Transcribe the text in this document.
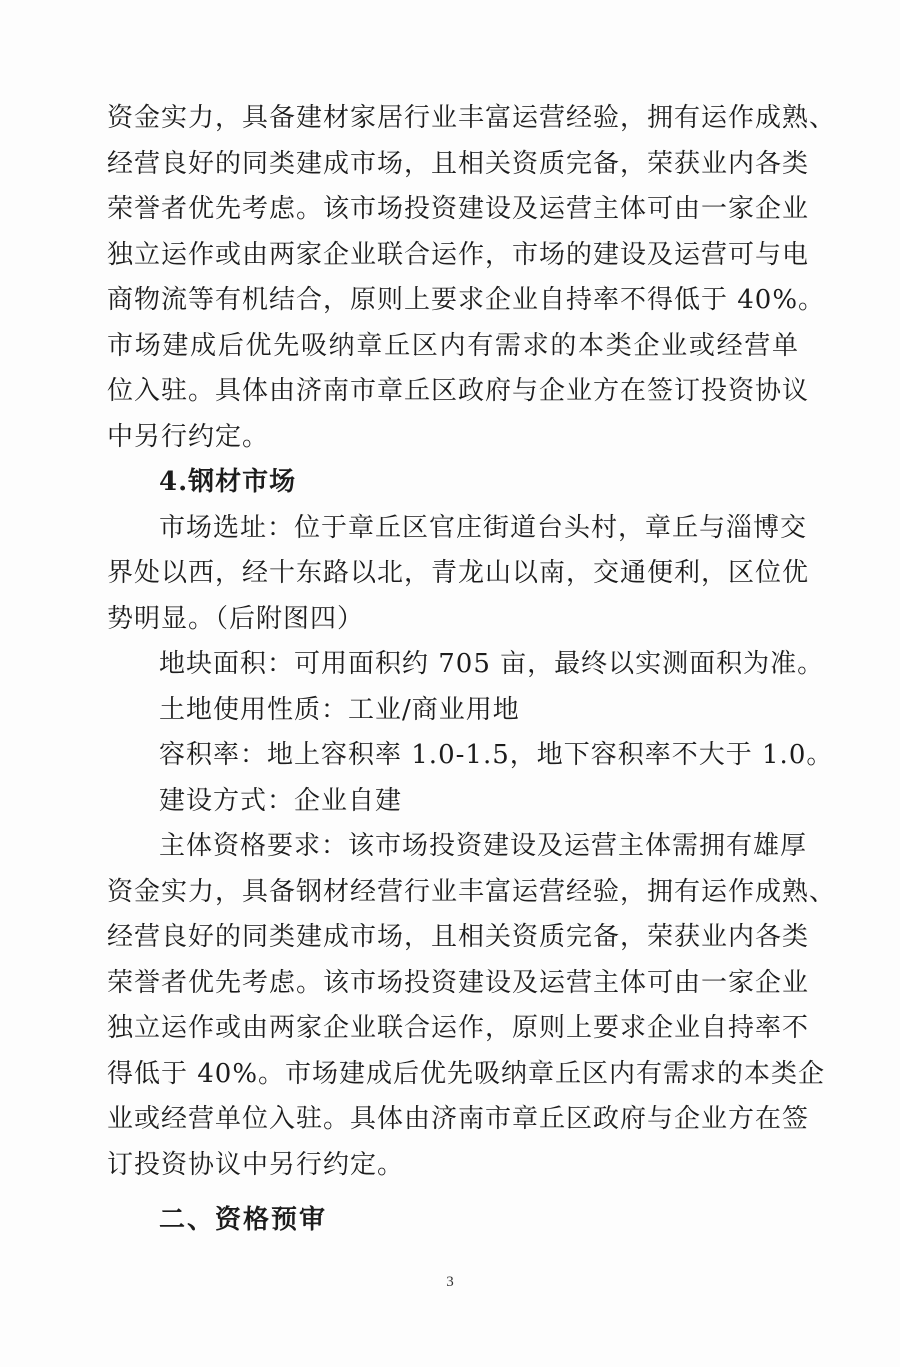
资金实力，具备建材家居行业丰富运营经验，拥有运作成熟、
经营良好的同类建成市场，且相关资质完备，荣获业内各类
荣誉者优先考虑。该市场投资建设及运营主体可由一家企业
独立运作或由两家企业联合运作，市场的建设及运营可与电
商物流等有机结合，原则上要求企业自持率不得低于 40%。
市场建成后优先吸纳章丘区内有需求的本类企业或经营单
位入驻。具体由济南市章丘区政府与企业方在签订投资协议
中另行约定。
4.钢材市场
市场选址：位于章丘区官庄街道台头村，章丘与淄博交
界处以西，经十东路以北，青龙山以南，交通便利，区位优
势明显。（后附图四）
地块面积：可用面积约 705 亩，最终以实测面积为准。
土地使用性质：工业/商业用地
容积率：地上容积率 1.0-1.5，地下容积率不大于 1.0。
建设方式：企业自建
主体资格要求：该市场投资建设及运营主体需拥有雄厚
资金实力，具备钢材经营行业丰富运营经验，拥有运作成熟、
经营良好的同类建成市场，且相关资质完备，荣获业内各类
荣誉者优先考虑。该市场投资建设及运营主体可由一家企业
独立运作或由两家企业联合运作，原则上要求企业自持率不
得低于 40%。市场建成后优先吸纳章丘区内有需求的本类企
业或经营单位入驻。具体由济南市章丘区政府与企业方在签
订投资协议中另行约定。
二、资格预审
3
